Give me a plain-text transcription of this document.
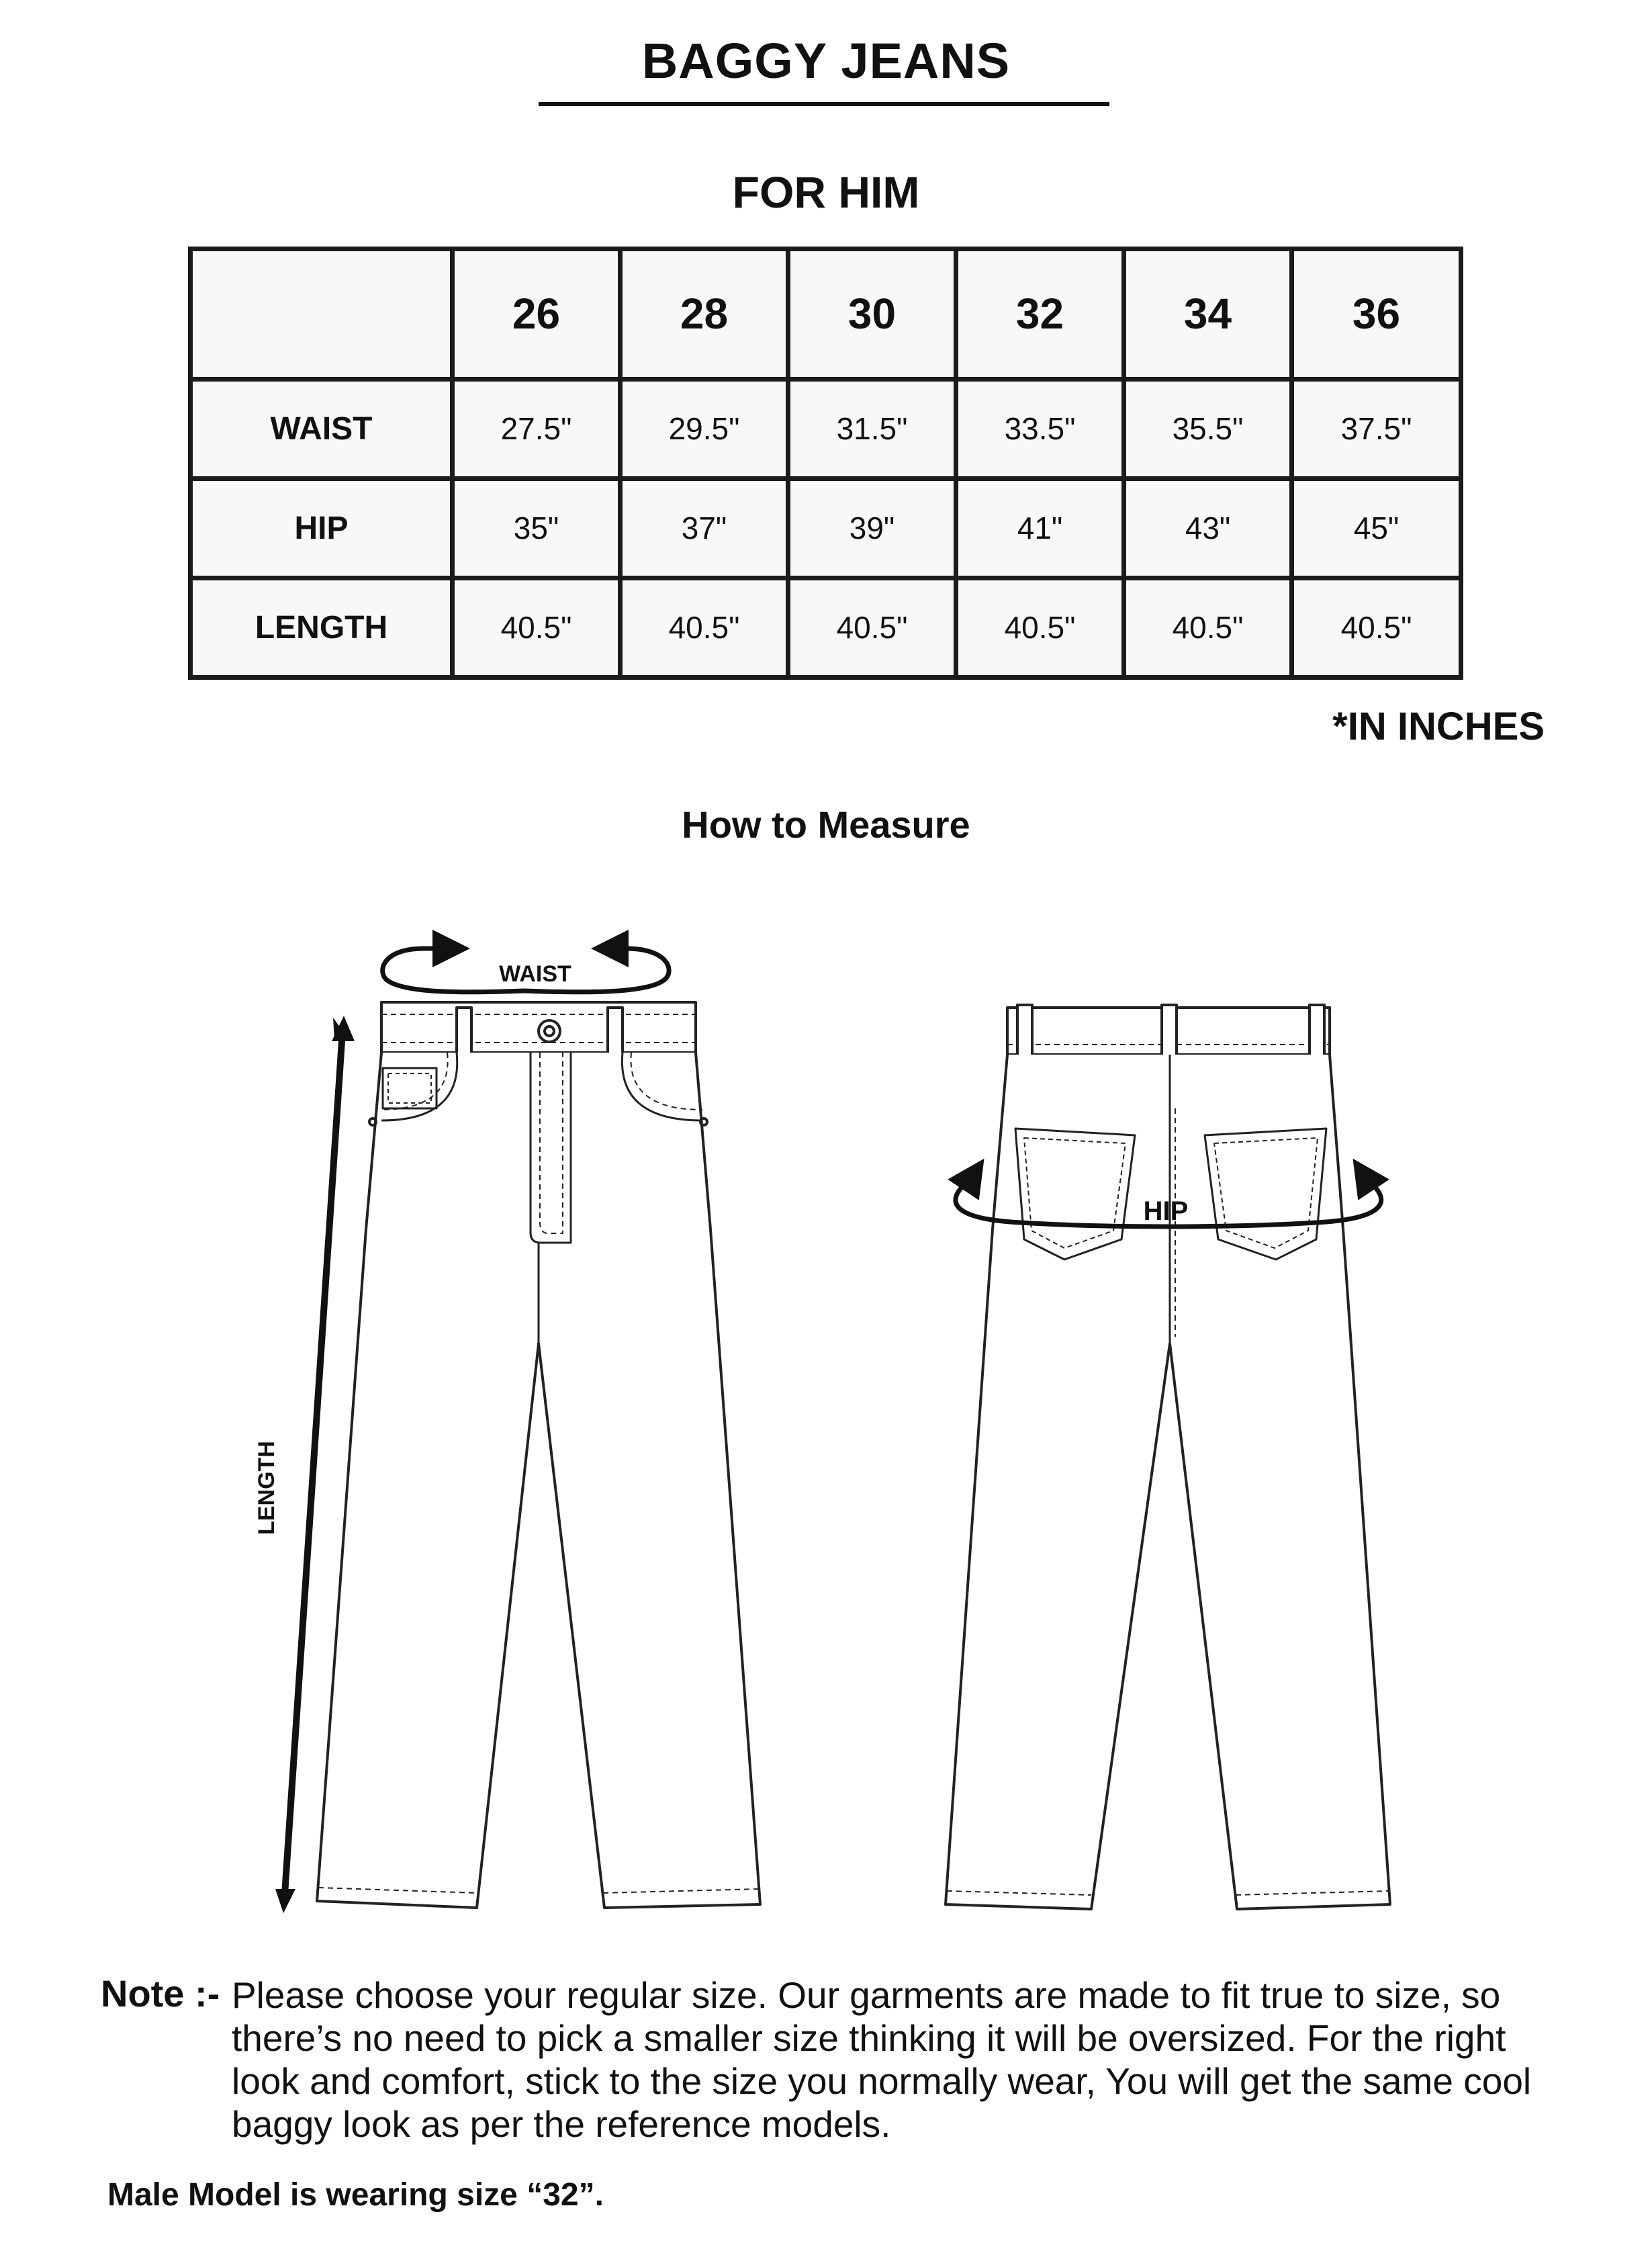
BAGGY JEANS
FOR HIM
	26	28	30	32	34	36
WAIST	27.5"	29.5"	31.5"	33.5"	35.5"	37.5"
HIP	35"	37"	39"	41"	43"	45"
LENGTH	40.5"	40.5"	40.5"	40.5"	40.5"	40.5"
*IN INCHES
How to Measure
WAIST
LENGTH
HIP
Note :- Please choose your regular size. Our garments are made to fit true to size, so there’s no need to pick a smaller size thinking it will be oversized. For the right look and comfort, stick to the size you normally wear, You will get the same cool baggy look as per the reference models.
Male Model is wearing size “32”.
